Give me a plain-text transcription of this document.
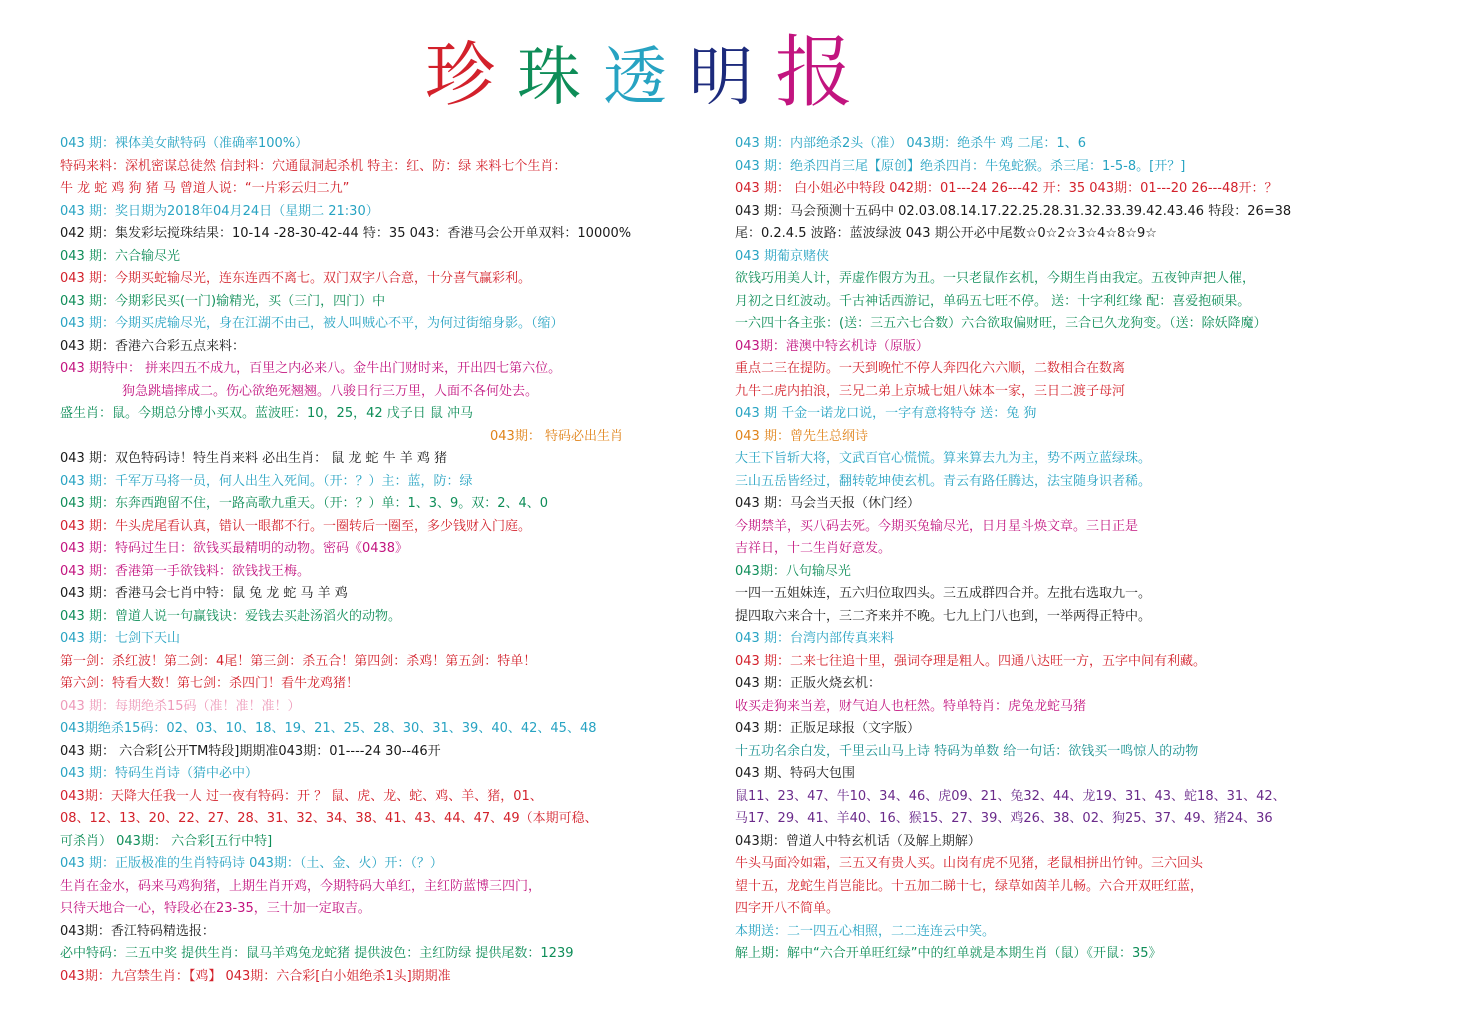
珍 珠 透 明 报
043 期：裸体美女献特码（准确率100%）
特码来料：深机密谋总徒然 信封料：穴通鼠洞起杀机 特主：红、防：绿 来料七个生肖：
牛 龙 蛇 鸡 狗 猪 马 曾道人说：“一片彩云归二九”
043 期：奖日期为2018年04月24日（星期二 21:30）
042 期：集发彩坛搅珠结果：10-14 -28-30-42-44 特：35 043：香港马会公开单双料：10000%
043 期：六合输尽光
043 期：今期买蛇输尽光，连东连西不离七。双门双字八合意，十分喜气赢彩利。
043 期：今期彩民买(一门)输精光，买（三门，四门）中
043 期：今期买虎输尽光，身在江湖不由己，被人叫贼心不平，为何过街缩身影。（缩）
043 期：香港六合彩五点来料：
043 期特中： 拼来四五不成九，百里之内必来八。金牛出门财时来，开出四七第六位。
狗急跳墙摔成二。伤心欲绝死翘翘。八骏日行三万里，人面不各何处去。
盛生肖：鼠。今期总分博小买双。蓝波旺：10，25，42 戊子日 鼠 冲马
043期： 特码必出生肖
043 期：双色特码诗！特生肖来料 必出生肖： 鼠 龙 蛇 牛 羊 鸡 猪
043 期：千军万马将一员，何人出生入死间。（开：？）主：蓝，防：绿
043 期：东奔西跑留不住，一路高歌九重天。（开：？）单：1、3、9。双：2、4、0
043 期：牛头虎尾看认真，错认一眼都不行。一圈转后一圈至，多少钱财入门庭。
043 期：特码过生日：欲钱买最精明的动物。密码《0438》
043 期：香港第一手欲钱料：欲钱找王梅。
043 期：香港马会七肖中特：鼠 兔 龙 蛇 马 羊 鸡
043 期：曾道人说一句赢钱诀：爱钱去买赴汤滔火的动物。
043 期：七剑下天山
第一剑：杀红波！第二剑：4尾！第三剑：杀五合！第四剑：杀鸡！第五剑：特单！
第六剑：特看大数！第七剑：杀四门！看牛龙鸡猪！
043 期：每期绝杀15码（准！准！准！）
043期绝杀15码：02、03、10、18、19、21、25、28、30、31、39、40、42、45、48
043 期： 六合彩[公开TM特段]期期准043期：01----24 30--46开
043 期：特码生肖诗（猜中必中）
043期：天降大任我一人 过一夜有特码：开 ？ 鼠、虎、龙、蛇、鸡、羊、猪，01、
08、12、13、20、22、27、28、31、32、34、38、41、43、44、47、49（本期可稳、
可杀肖） 043期： 六合彩[五行中特]
043 期：正版极准的生肖特码诗 043期：（土、金、火）开：（？）
生肖在金水，码来马鸡狗猪，上期生肖开鸡，今期特码大单红，主红防蓝博三四门，
只待天地合一心，特段必在23-35，三十加一定取吉。
043期：香江特码精选报：
必中特码：三五中奖 提供生肖：鼠马羊鸡兔龙蛇猪 提供波色：主红防绿 提供尾数：1239
043期：九宫禁生肖：【鸡】 043期：六合彩[白小姐绝杀1头]期期准
043 期：内部绝杀2头（准） 043期：绝杀牛 鸡 二尾：1、6
043 期：绝杀四肖三尾【原创】绝杀四肖：牛兔蛇猴。杀三尾：1-5-8。[开？]
043 期： 白小姐必中特段 042期：01---24 26---42 开：35 043期：01---20 26---48开：？
043 期：马会预测十五码中 02.03.08.14.17.22.25.28.31.32.33.39.42.43.46 特段：26=38
尾：0.2.4.5 波路：蓝波绿波 043 期公开必中尾数☆0☆2☆3☆4☆8☆9☆
043 期葡京赌侠
欲钱巧用美人计，弄虚作假方为丑。一只老鼠作玄机，今期生肖由我定。五夜钟声把人催，
月初之日红波动。千古神话西游记，单码五七旺不停。 送：十字利红缘 配：喜爱抱硕果。
一六四十各主张：(送：三五六七合数）六合欲取偏财旺，三合已久龙狗变。（送：除妖降魔）
043期：港澳中特玄机诗（原版）
重点二三在提防。一天到晚忙不停人奔四化六六顺，二数相合在数离
九牛二虎内拍浪，三兄二弟上京城七姐八妹本一家，三日二渡子母河
043 期 千金一诺龙口说，一字有意将特夺 送：兔 狗
043 期：曾先生总纲诗
大王下旨斩大将，文武百官心慌慌。算来算去九为主，势不两立蓝绿珠。
三山五岳皆经过，翻转乾坤使玄机。青云有路任腾达，法宝随身识者稀。
043 期：马会当天报（休门经）
今期禁羊，买八码去死。今期买兔输尽光，日月星斗焕文章。三日正是
吉祥日，十二生肖好意发。
043期：八句输尽光
一四一五姐妹连，五六归位取四头。三五成群四合并。左批右选取九一。
提四取六来合十，三二齐来并不晚。七九上门八也到，一举两得正特中。
043 期：台湾内部传真来料
043 期：二来七往追十里，强词夺理是粗人。四通八达旺一方，五字中间有利藏。
043 期：正版火烧玄机：
收买走狗来当差，财气迫人也枉然。特单特肖：虎兔龙蛇马猪
043 期：正版足球报（文字版）
十五功名余白发，千里云山马上诗 特码为单数 给一句话：欲钱买一鸣惊人的动物
043 期、特码大包围
鼠11、23、47、牛10、34、46、虎09、21、兔32、44、龙19、31、43、蛇18、31、42、
马17、29、41、羊40、16、猴15、27、39、鸡26、38、02、狗25、37、49、猪24、36
043期：曾道人中特玄机话（及解上期解）
牛头马面冷如霜，三五又有贵人买。山岗有虎不见猪，老鼠相拼出竹钟。三六回头
望十五，龙蛇生肖岂能比。十五加二睇十七，绿草如茵羊儿畅。六合开双旺红蓝，
四字开八不简单。
本期送：二一四五心相照，二二连连云中笑。
解上期：解中“六合开单旺红绿”中的红单就是本期生肖（鼠）《开鼠：35》
